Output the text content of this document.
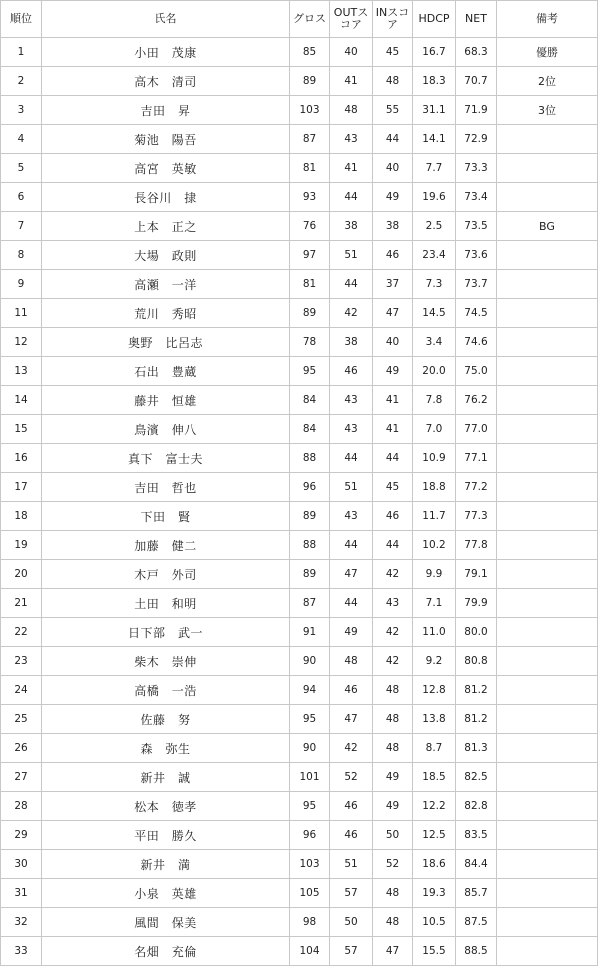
順位	氏名	グロス	OUTスコア	INスコア	HDCP	NET	備考
1	小田　茂康	85	40	45	16.7	68.3	優勝
2	高木　清司	89	41	48	18.3	70.7	2位
3	吉田　昇	103	48	55	31.1	71.9	3位
4	菊池　陽吾	87	43	44	14.1	72.9	
5	高宮　英敏	81	41	40	7.7	73.3	
6	長谷川　捸	93	44	49	19.6	73.4	
7	上本　正之	76	38	38	2.5	73.5	BG
8	大場　政則	97	51	46	23.4	73.6	
9	高瀬　一洋	81	44	37	7.3	73.7	
11	荒川　秀昭	89	42	47	14.5	74.5	
12	奥野　比呂志	78	38	40	3.4	74.6	
13	石出　豊蔵	95	46	49	20.0	75.0	
14	藤井　恒雄	84	43	41	7.8	76.2	
15	鳥濱　伸八	84	43	41	7.0	77.0	
16	真下　富士夫	88	44	44	10.9	77.1	
17	吉田　哲也	96	51	45	18.8	77.2	
18	下田　賢	89	43	46	11.7	77.3	
19	加藤　健二	88	44	44	10.2	77.8	
20	木戸　外司	89	47	42	9.9	79.1	
21	土田　和明	87	44	43	7.1	79.9	
22	日下部　武一	91	49	42	11.0	80.0	
23	柴木　崇伸	90	48	42	9.2	80.8	
24	高橋　一浩	94	46	48	12.8	81.2	
25	佐藤　努	95	47	48	13.8	81.2	
26	森　弥生	90	42	48	8.7	81.3	
27	新井　誠	101	52	49	18.5	82.5	
28	松本　徳孝	95	46	49	12.2	82.8	
29	平田　勝久	96	46	50	12.5	83.5	
30	新井　満	103	51	52	18.6	84.4	
31	小泉　英雄	105	57	48	19.3	85.7	
32	風間　保美	98	50	48	10.5	87.5	
33	名畑　充倫	104	57	47	15.5	88.5	
